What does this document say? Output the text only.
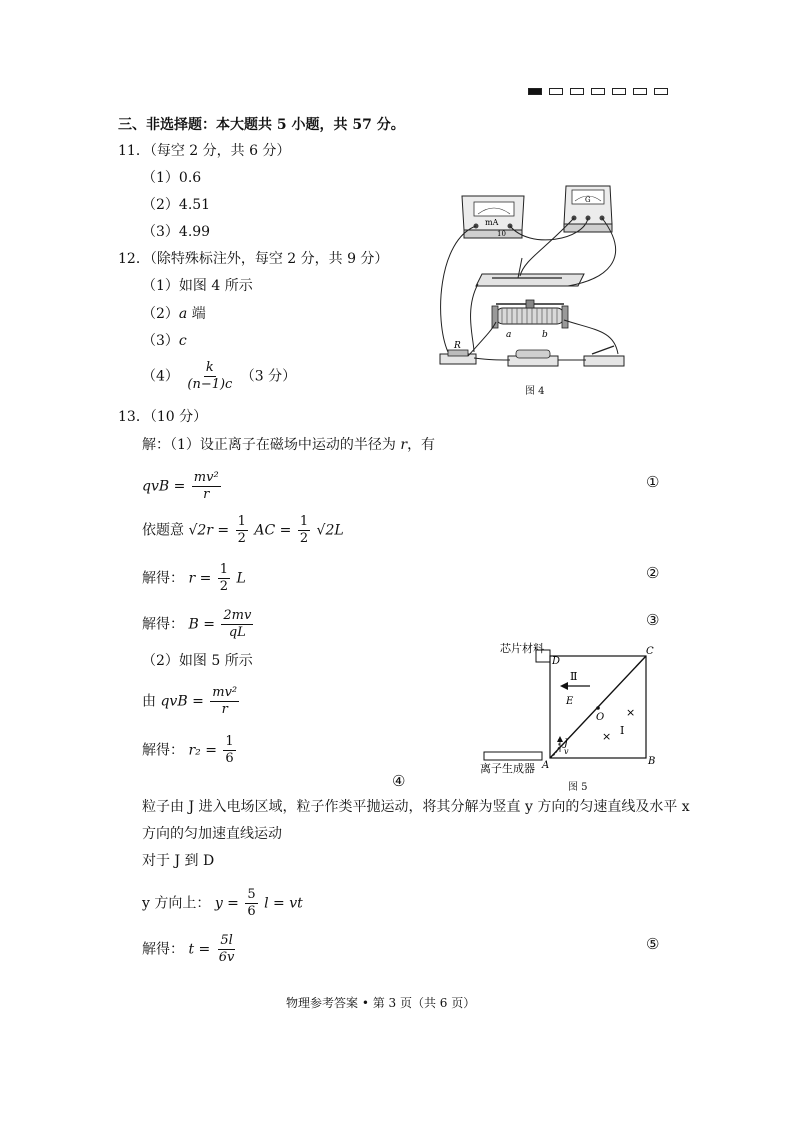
三、非选择题：本大题共 5 小题，共 57 分。
11．（每空 2 分，共 6 分）
（1）0.6
（2）4.51
（3）4.99
12．（除特殊标注外，每空 2 分，共 9 分）
（1）如图 4 所示
（2）a 端
（3）c
$(4) \frac{k}{(n-1)c} (3$ 分）
mA
10
G
a	b
R
图 4
13．（10 分）
解：（1）设正离子在磁场中运动的半径为 r，有
qvB = $\frac{\text{mv²}}{r}$	①
依题意 $√2r = \frac{1}{2}$ AC = $\frac{1}{2} √2L$
解得： $r = \frac{1}{2}$ L	②
解得： $B = \frac{2mv}{qL}$	③
（2）如图 5 所示
由 qvB = $\frac{\text{mv²}}{r}$
解得： $r_2 = \frac{1}{6}$
④
×
×
芯片材料
D
C
B
A
O
Ⅱ
Ⅰ
E
J
v
离子生成器
图 5
粒子由 J 进入电场区域，粒子作类平抛运动，将其分解为竖直 y 方向的匀速直线及水平 x
方向的匀加速直线运动
对于 J 到 D
y 方向上： $y = \frac{5}{6}$ l = vt
解得： $t = \frac{5l}{6v}$	⑤
物理参考答案 • 第 3 页（共 6 页）
